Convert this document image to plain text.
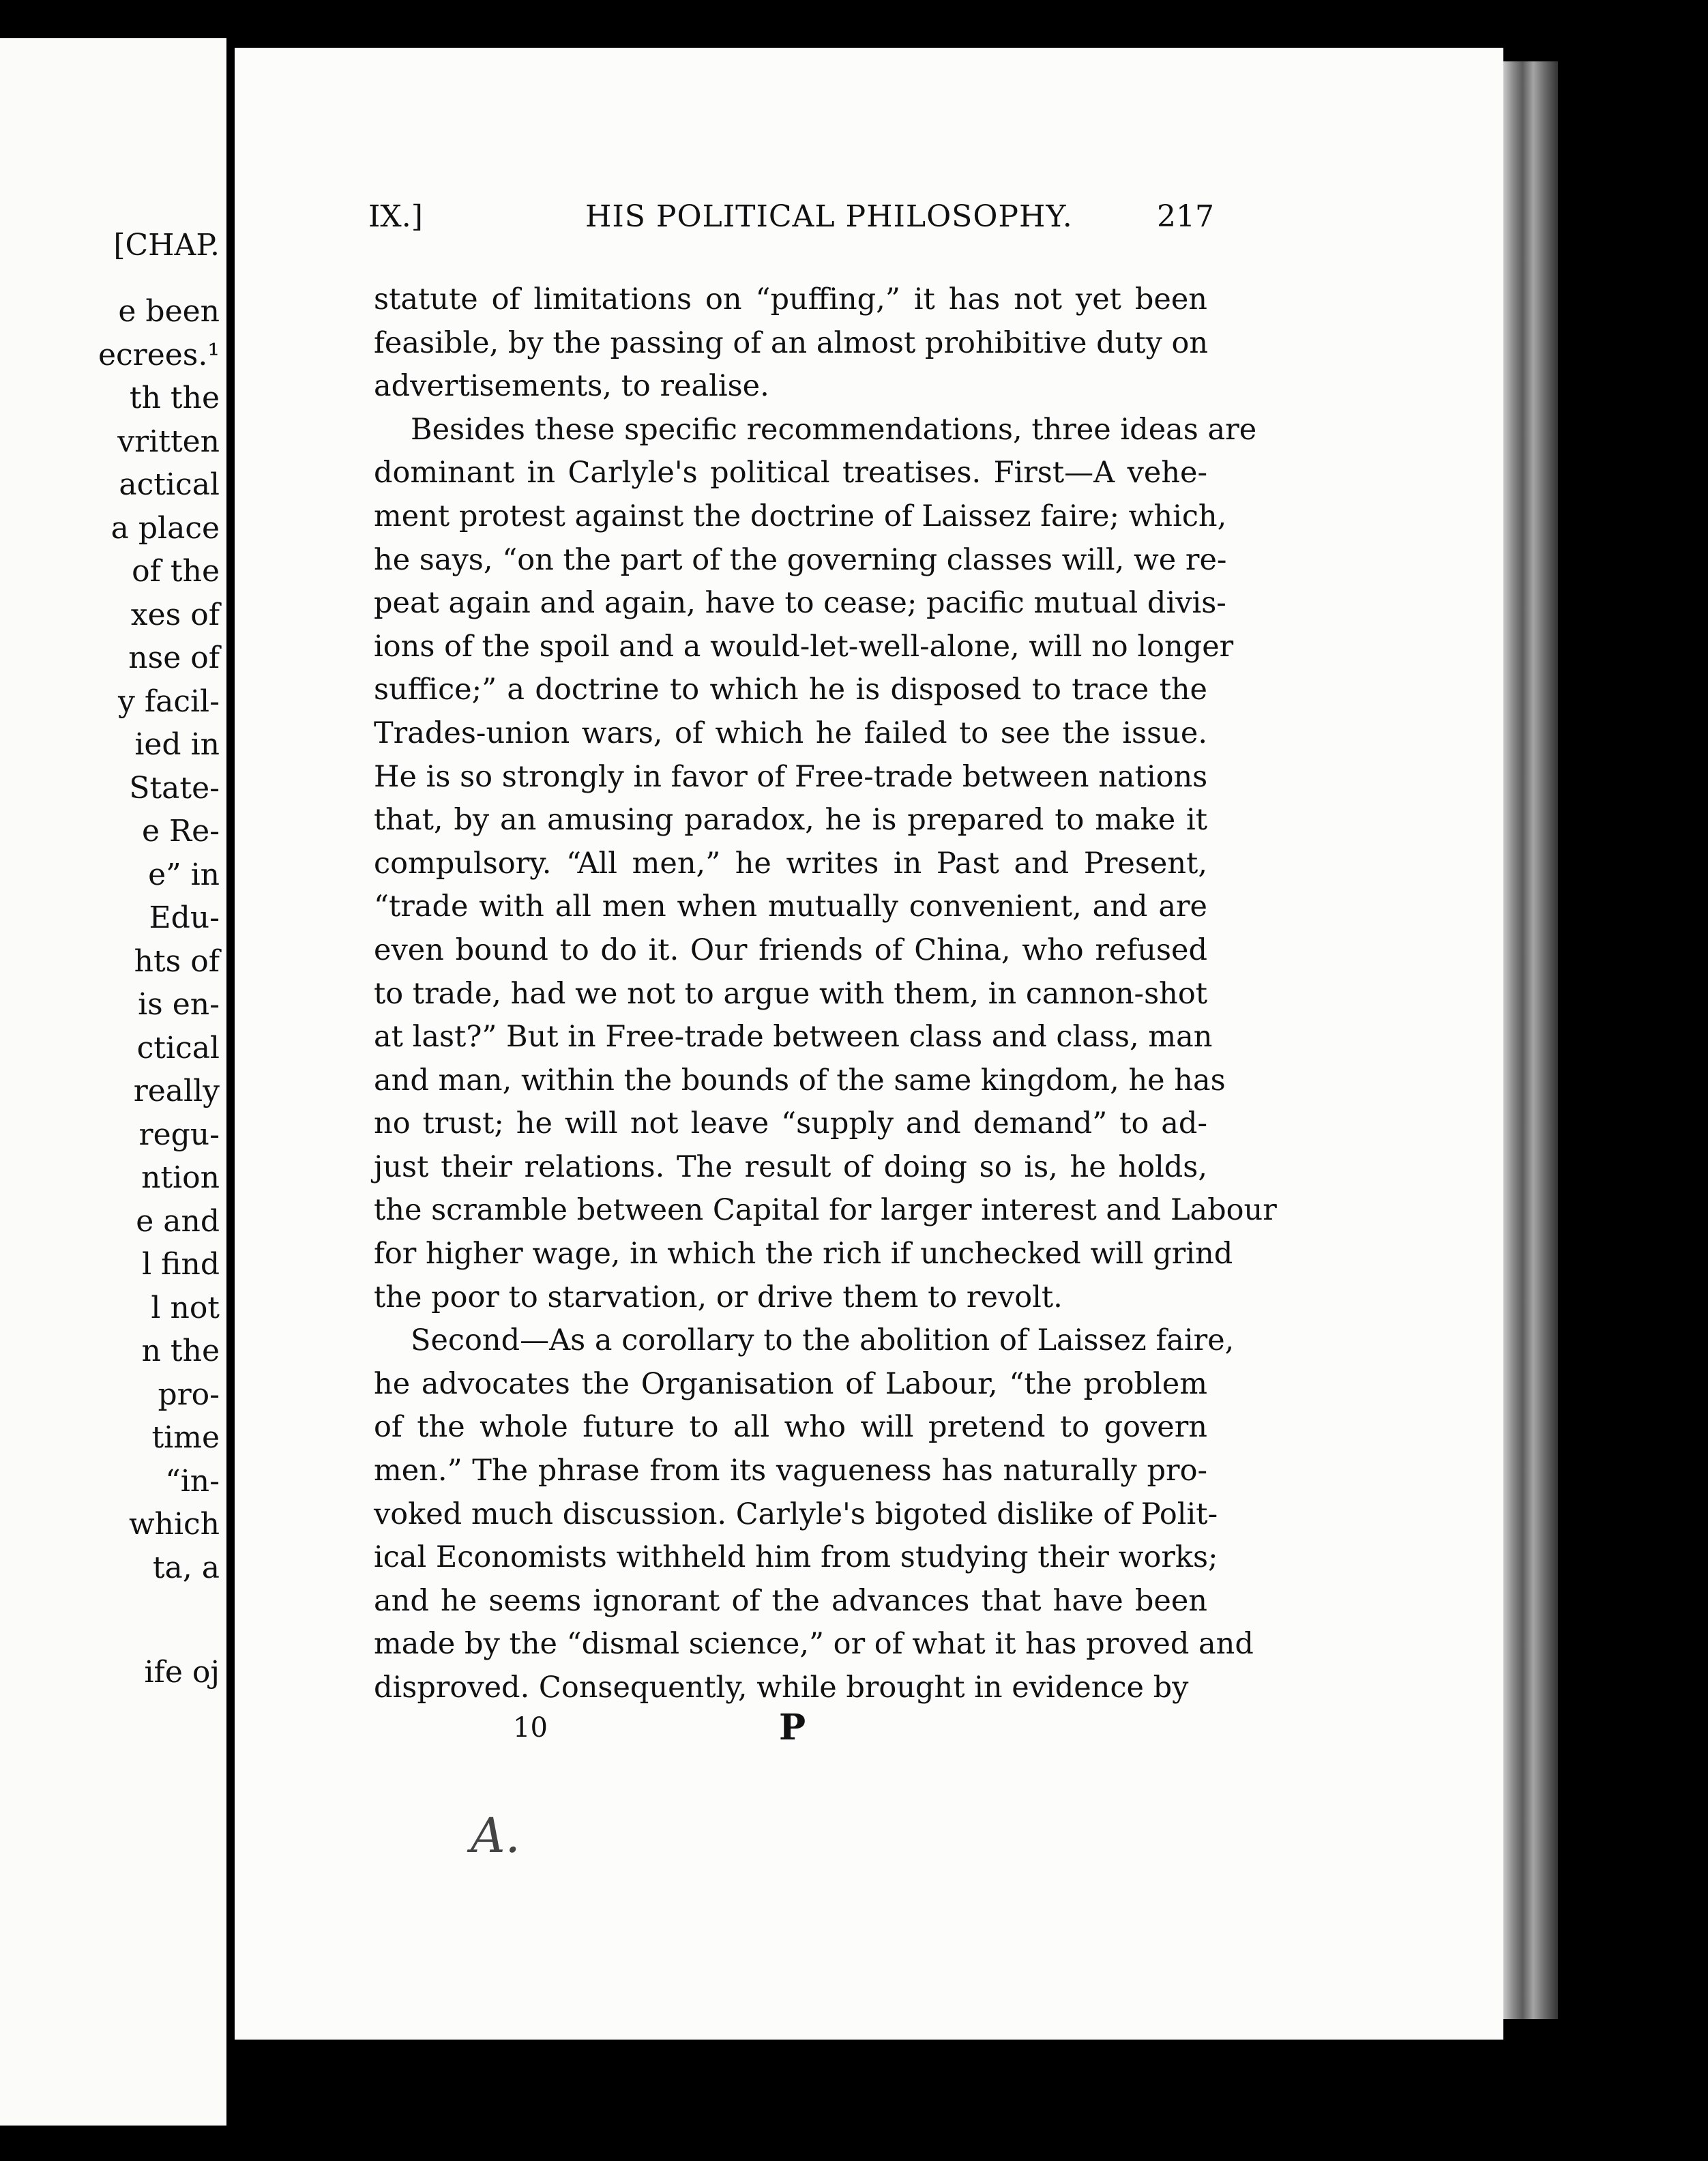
[CHAP.
e been
ecrees.¹
th the
vritten
actical
a place
of the
xes of
nse of
y facil-
ied in
State-
e Re-
e” in
Edu-
hts of
is en-
ctical
really
regu-
ntion
e and
l find
l not
n the
pro-
time
“in-
which
ta, a
ife oj
IX.]	HIS POLITICAL PHILOSOPHY.	217
statute of limitations on “puffing,” it has not yet been
feasible, by the passing of an almost prohibitive duty on
advertisements, to realise.
Besides these specific recommendations, three ideas are
dominant in Carlyle's political treatises. First—A vehe-
ment protest against the doctrine of Laissez faire; which,
he says, “on the part of the governing classes will, we re-
peat again and again, have to cease; pacific mutual divis-
ions of the spoil and a would-let-well-alone, will no longer
suffice;” a doctrine to which he is disposed to trace the
Trades-union wars, of which he failed to see the issue.
He is so strongly in favor of Free-trade between nations
that, by an amusing paradox, he is prepared to make it
compulsory. “All men,” he writes in Past and Present,
“trade with all men when mutually convenient, and are
even bound to do it. Our friends of China, who refused
to trade, had we not to argue with them, in cannon-shot
at last?” But in Free-trade between class and class, man
and man, within the bounds of the same kingdom, he has
no trust; he will not leave “supply and demand” to ad-
just their relations. The result of doing so is, he holds,
the scramble between Capital for larger interest and Labour
for higher wage, in which the rich if unchecked will grind
the poor to starvation, or drive them to revolt.
Second—As a corollary to the abolition of Laissez faire,
he advocates the Organisation of Labour, “the problem
of the whole future to all who will pretend to govern
men.” The phrase from its vagueness has naturally pro-
voked much discussion. Carlyle's bigoted dislike of Polit-
ical Economists withheld him from studying their works;
and he seems ignorant of the advances that have been
made by the “dismal science,” or of what it has proved and
disproved. Consequently, while brought in evidence by
10	P
A.
